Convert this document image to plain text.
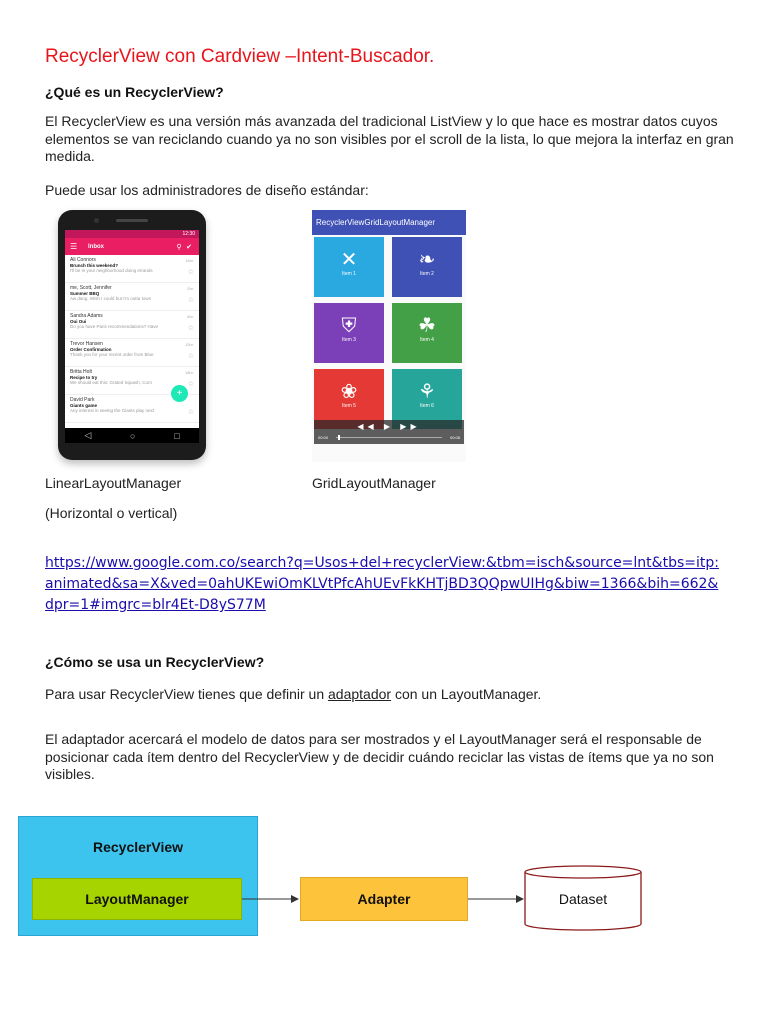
RecyclerView con Cardview –Intent-Buscador.
¿Qué es un RecyclerView?
El RecyclerView es una versión más avanzada del tradicional ListView y lo que hace es mostrar datos cuyos elementos se van reciclando cuando ya no son visibles por el scroll de la lista, lo que mejora la interfaz en gran medida.
Puede usar los administradores de diseño estándar:
12:30
☰	Inbox	⚲ ✔
Ali Connors
Brunch this weekend?
I'll be in your neighborhood doing errands
15m
☆
me, Scott, Jennifer
Summer BBQ
Aw dang. Wish I could but I'm outta town
2hr
☆
Sandra Adams
Oui Oui
Do you have Paris recommendations? Have
6hr
☆
Trevor Hansen
Order Confirmation
Thank you for your recent order from Blue
12hr
☆
Britta Holt
Recipe to try
We should eat this: Grated Squash, Corn
18hr
☆
David Park
Giants game
Any interest in seeing the Giants play next	☆
+
◁	○	□
RecyclerViewGridLayoutManager
✕
Item 1
❧
Item 2
⛨
Item 3
☘
Item 4
❀
Item 5
⚘
Item 6
◀◀ ▶ ▶▶
00:00	00:08
LinearLayoutManager	GridLayoutManager
(Horizontal o vertical)
https://www.google.com.co/search?q=Usos+del+recyclerView:&tbm=isch&source=lnt&tbs=itp:animated&sa=X&ved=0ahUKEwiOmKLVtPfcAhUEvFkKHTjBD3QQpwUIHg&biw=1366&bih=662&dpr=1#imgrc=blr4Et-D8yS77M
¿Cómo se usa un RecyclerView?
Para usar RecyclerView tienes que definir un adaptador con un LayoutManager.
El adaptador acercará el modelo de datos para ser mostrados y el LayoutManager será el responsable de posicionar cada ítem dentro del RecyclerView y de decidir cuándo reciclar las vistas de ítems que ya no son visibles.
RecyclerView
LayoutManager	Adapter	Dataset
